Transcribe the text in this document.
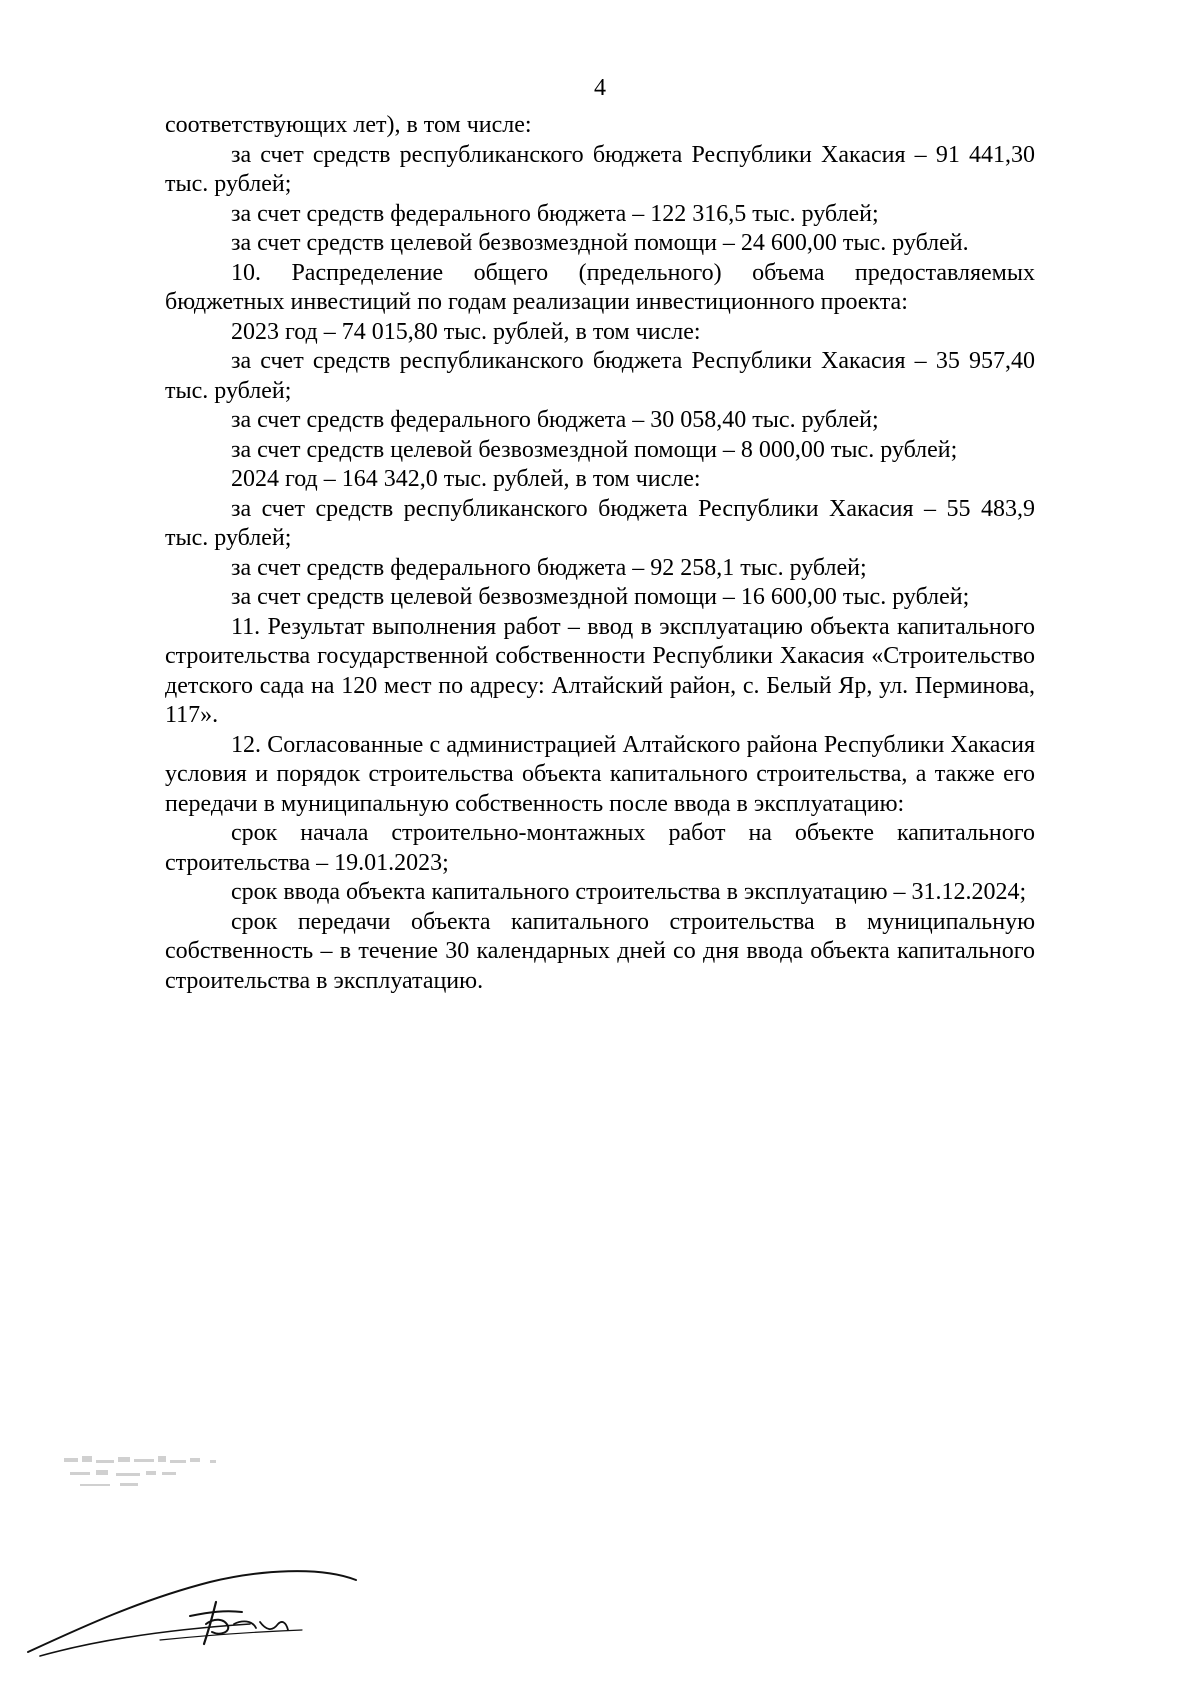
4

соответствующих лет), в том числе:

за счет средств республиканского бюджета Республики Хакасия – 91 441,30 тыс. рублей;

за счет средств федерального бюджета – 122 316,5 тыс. рублей;

за счет средств целевой безвозмездной помощи – 24 600,00 тыс. рублей.

10. Распределение общего (предельного) объема предоставляемых бюджетных инвестиций по годам реализации инвестиционного проекта:

2023 год – 74 015,80 тыс. рублей, в том числе:

за счет средств республиканского бюджета Республики Хакасия – 35 957,40 тыс. рублей;

за счет средств федерального бюджета – 30 058,40 тыс. рублей;

за счет средств целевой безвозмездной помощи – 8 000,00 тыс. рублей;

2024 год – 164 342,0 тыс. рублей, в том числе:

за счет средств республиканского бюджета Республики Хакасия – 55 483,9 тыс. рублей;

за счет средств федерального бюджета – 92 258,1 тыс. рублей;

за счет средств целевой безвозмездной помощи – 16 600,00 тыс. рублей;

11. Результат выполнения работ – ввод в эксплуатацию объекта капитального строительства государственной собственности Республики Хакасия «Строительство детского сада на 120 мест по адресу: Алтайский район, с. Белый Яр, ул. Перминова, 117».

12. Согласованные с администрацией Алтайского района Республики Хакасия условия и порядок строительства объекта капитального строительства, а также его передачи в муниципальную собственность после ввода в эксплуатацию:

срок начала строительно-монтажных работ на объекте капитального строительства – 19.01.2023;

срок ввода объекта капитального строительства в эксплуатацию – 31.12.2024;

срок передачи объекта капитального строительства в муниципальную собственность – в течение 30 календарных дней со дня ввода объекта капитального строительства в эксплуатацию.
